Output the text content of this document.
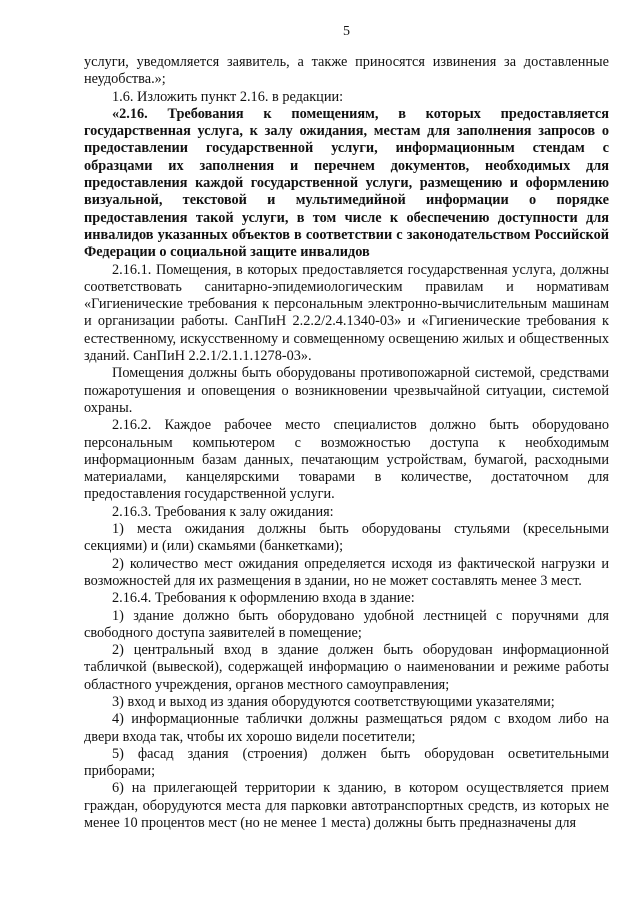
5

услуги, уведомляется заявитель, а также приносятся извинения за доставленные неудобства.»;

1.6. Изложить пункт 2.16. в редакции:

«2.16. Требования к помещениям, в которых предоставляется государственная услуга, к залу ожидания, местам для заполнения запросов о предоставлении государственной услуги, информационным стендам с образцами их заполнения и перечнем документов, необходимых для предоставления каждой государственной услуги, размещению и оформлению визуальной, текстовой и мультимедийной информации о порядке предоставления такой услуги, в том числе к обеспечению доступности для инвалидов указанных объектов в соответствии с законодательством Российской Федерации о социальной защите инвалидов

2.16.1. Помещения, в которых предоставляется государственная услуга, должны соответствовать санитарно-эпидемиологическим правилам и нормативам «Гигиенические требования к персональным электронно-вычислительным машинам и организации работы. СанПиН 2.2.2/2.4.1340-03» и «Гигиенические требования к естественному, искусственному и совмещенному освещению жилых и общественных зданий. СанПиН 2.2.1/2.1.1.1278-03».

Помещения должны быть оборудованы противопожарной системой, средствами пожаротушения и оповещения о возникновении чрезвычайной ситуации, системой охраны.

2.16.2. Каждое рабочее место специалистов должно быть оборудовано персональным компьютером с возможностью доступа к необходимым информационным базам данных, печатающим устройствам, бумагой, расходными материалами, канцелярскими товарами в количестве, достаточном для предоставления государственной услуги.

2.16.3. Требования к залу ожидания:

1) места ожидания должны быть оборудованы стульями (кресельными секциями) и (или) скамьями (банкетками);

2) количество мест ожидания определяется исходя из фактической нагрузки и возможностей для их размещения в здании, но не может составлять менее 3 мест.

2.16.4. Требования к оформлению входа в здание:

1) здание должно быть оборудовано удобной лестницей с поручнями для свободного доступа заявителей в помещение;

2) центральный вход в здание должен быть оборудован информационной табличкой (вывеской), содержащей информацию о наименовании и режиме работы областного учреждения, органов местного самоуправления;

3) вход и выход из здания оборудуются соответствующими указателями;

4) информационные таблички должны размещаться рядом с входом либо на двери входа так, чтобы их хорошо видели посетители;

5) фасад здания (строения) должен быть оборудован осветительными приборами;

6) на прилегающей территории к зданию, в котором осуществляется прием граждан, оборудуются места для парковки автотранспортных средств, из которых не менее 10 процентов мест (но не менее 1 места) должны быть предназначены для
